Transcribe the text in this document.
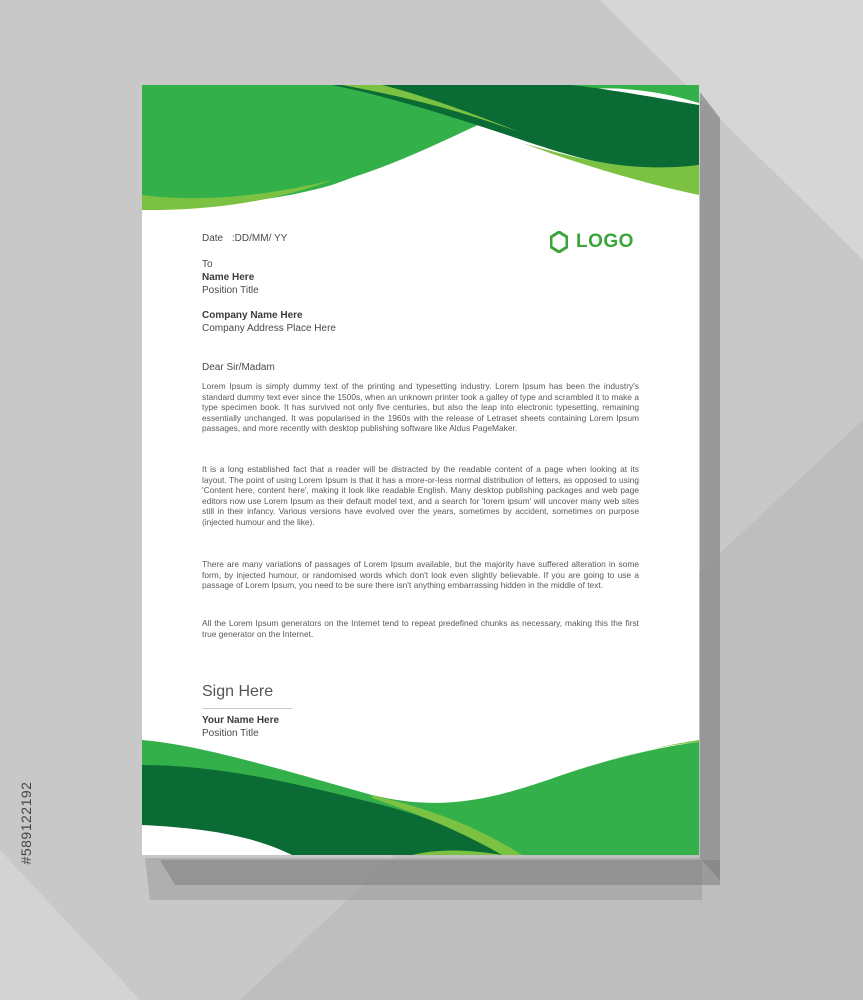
Date :DD/MM/ YY	LOGO
To
Name Here
Position Title
Company Name Here
Company Address Place Here
Dear Sir/Madam

Lorem Ipsum is simply dummy text of the printing and typesetting industry. Lorem Ipsum has been the industry's standard dummy text ever since the 1500s, when an unknown printer took a galley of type and scrambled it to make a type specimen book. It has survived not only five centuries, but also the leap into electronic typesetting, remaining essentially unchanged. It was popularised in the 1960s with the release of Letraset sheets containing Lorem Ipsum passages, and more recently with desktop publishing software like Aldus PageMaker.

It is a long established fact that a reader will be distracted by the readable content of a page when looking at its layout. The point of using Lorem Ipsum is that it has a more-or-less normal distribution of letters, as opposed to using 'Content here, content here', making it look like readable English. Many desktop publishing packages and web page editors now use Lorem Ipsum as their default model text, and a search for 'lorem ipsum' will uncover many web sites still in their infancy. Various versions have evolved over the years, sometimes by accident, sometimes on purpose (injected humour and the like).

There are many variations of passages of Lorem Ipsum available, but the majority have suffered alteration in some form, by injected humour, or randomised words which don't look even slightly believable. If you are going to use a passage of Lorem Ipsum, you need to be sure there isn't anything embarrassing hidden in the middle of text.

All the Lorem Ipsum generators on the Internet tend to repeat predefined chunks as necessary, making this the first true generator on the Internet.

Sign Here
Your Name Here
Position Title
#589122192
